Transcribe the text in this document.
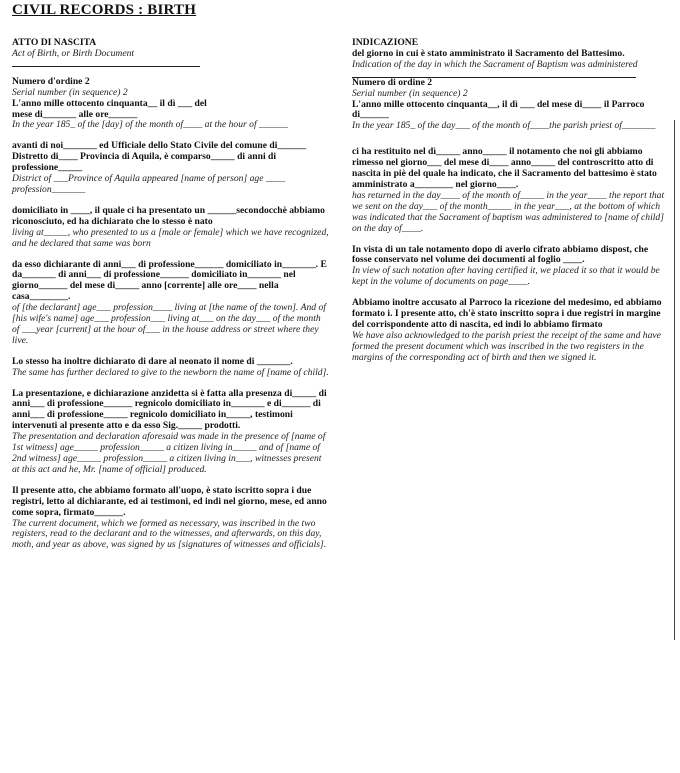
CIVIL RECORDS : BIRTH
ATTO DI NASCITA
Act of Birth, or Birth Document
Numero d'ordine 2
Serial number (in sequence) 2
L'anno mille ottocento cinquanta__ il dì ___ del
mese di_______ alle ore______
In the year 185_ of the [day] of the month of____ at the hour of ______
avanti di noi_______ ed Ufficiale dello Stato Civile del comune di______
Distretto di____ Provincia di Aquila, è comparso_____ di anni di professione_____
District of ___Province of Aquila appeared [name of person] age ____ profession_______
domiciliato in ____, il quale ci ha presentato un ______secondocchè abbiamo riconosciuto, ed ha dichiarato che lo stesso è nato
living at_____, who presented to us a [male or female] which we have recognized, and he declared that same was born
da esso dichiarante di anni___ di professione______ domiciliato in_______. E da_______ di anni___ di professione______ domiciliato in_______ nel giorno______ del mese di_____ anno [corrente] alle ore____ nella casa________.
of [the declarant] age___ profession____ living at [the name of the town]. And of [his wife's name] age___ profession___ living at___ on the day___ of the month of ___year [current] at the hour of___ in the house address or street where they live.
Lo stesso ha inoltre dichiarato di dare al neonato il nome di _______.
The same has further declared to give to the newborn the name of [name of child].
La presentazione, e dichiarazione anzidetta si è fatta alla presenza di_____ di anni___ di professione______ regnicolo domiciliato in_______ e di______ di anni___ di professione_____ regnicolo domiciliato in_____, testimoni intervenuti al presente atto e da esso Sig._____ prodotti.
The presentation and declaration aforesaid was made in the presence of [name of 1st witness] age_____ profession_____ a citizen living in_____ and of [name of 2nd witness] age_____ profession_____ a citizen living in___, witnesses present at this act and he, Mr. [name of official] produced.
Il presente atto, che abbiamo formato all'uopo, è stato iscritto sopra i due registri, letto al dichiarante, ed ai testimoni, ed indi nel giorno, mese, ed anno come sopra, firmato______.
The current document, which we formed as necessary, was inscribed in the two registers, read to the declarant and to the witnesses, and afterwards, on this day, moth, and year as above, was signed by us [signatures of witnesses and officials].
INDICAZIONE
del giorno in cui è stato amministrato il Sacramento del Battesimo.
Indication of the day in which the Sacrament of Baptism was administered
Numero di ordine 2
Serial number (in sequence) 2
L'anno mille ottocento cinquanta__, il dì ___ del mese di____ il Parroco di______
In the year 185_ of the day___ of the month of____the parish priest of_______
ci ha restituito nel dì_____ anno_____ il notamento che noi gli abbiamo rimesso nel giorno___ del mese di____ anno_____ del controscritto atto di nascita in piè del quale ha indicato, che il Sacramento del battesimo è stato amministrato a________ nel giorno____.
has returned in the day____ of the month of_____ in the year____ the report that we sent on the day___ of the month_____ in the year___, at the bottom of which was indicated that the Sacrament of baptism was administered to [name of child] on the day of____.
In vista di un tale notamento dopo di averlo cifrato abbiamo dispost, che fosse conservato nel volume dei documenti al foglio ____.
In view of such notation after having certified it, we placed it so that it would be kept in the volume of documents on page____.
Abbiamo inoltre accusato al Parroco la ricezione del medesimo, ed abbiamo formato i. I presente atto, ch'è stato inscritto sopra i due registri in margine del corrispondente atto di nascita, ed indi lo abbiamo firmato
We have also acknowledged to the parish priest the receipt of the same and have formed the present document which was inscribed in the two registers in the margins of the corresponding act of birth and then we signed it.
